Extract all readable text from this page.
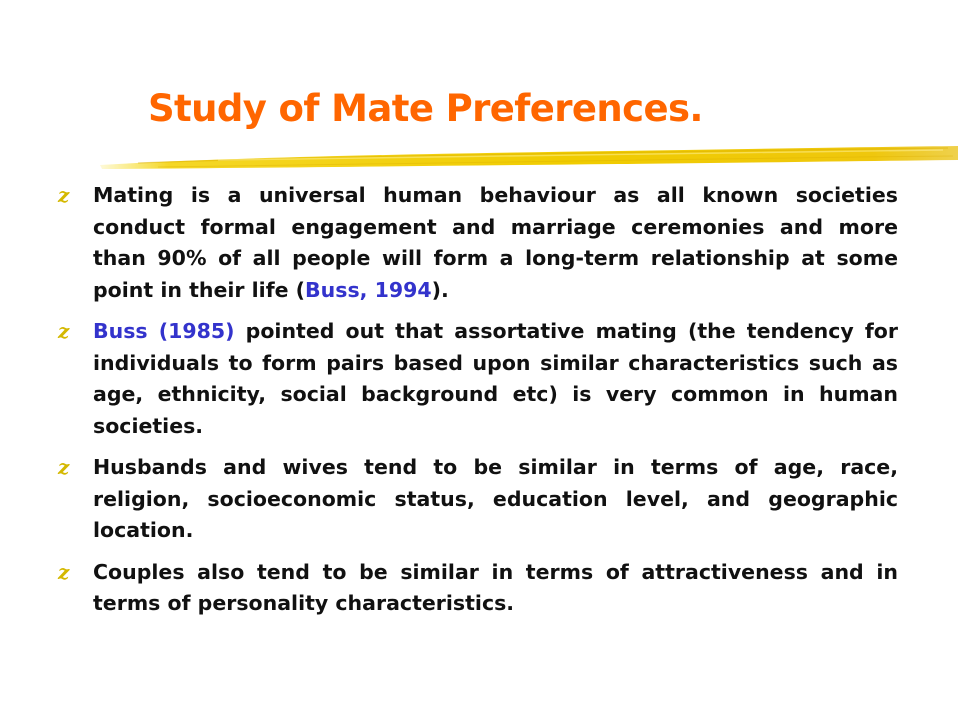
Study of Mate Preferences.
z Mating is a universal human behaviour as all known societies conduct formal engagement and marriage ceremonies and more than 90% of all people will form a long-term relationship at some point in their life (Buss, 1994).
z Buss (1985) pointed out that assortative mating (the tendency for individuals to form pairs based upon similar characteristics such as age, ethnicity, social background etc) is very common in human societies.
z Husbands and wives tend to be similar in terms of age, race, religion, socioeconomic status, education level, and geographic location.
z Couples also tend to be similar in terms of attractiveness and in terms of personality characteristics.
